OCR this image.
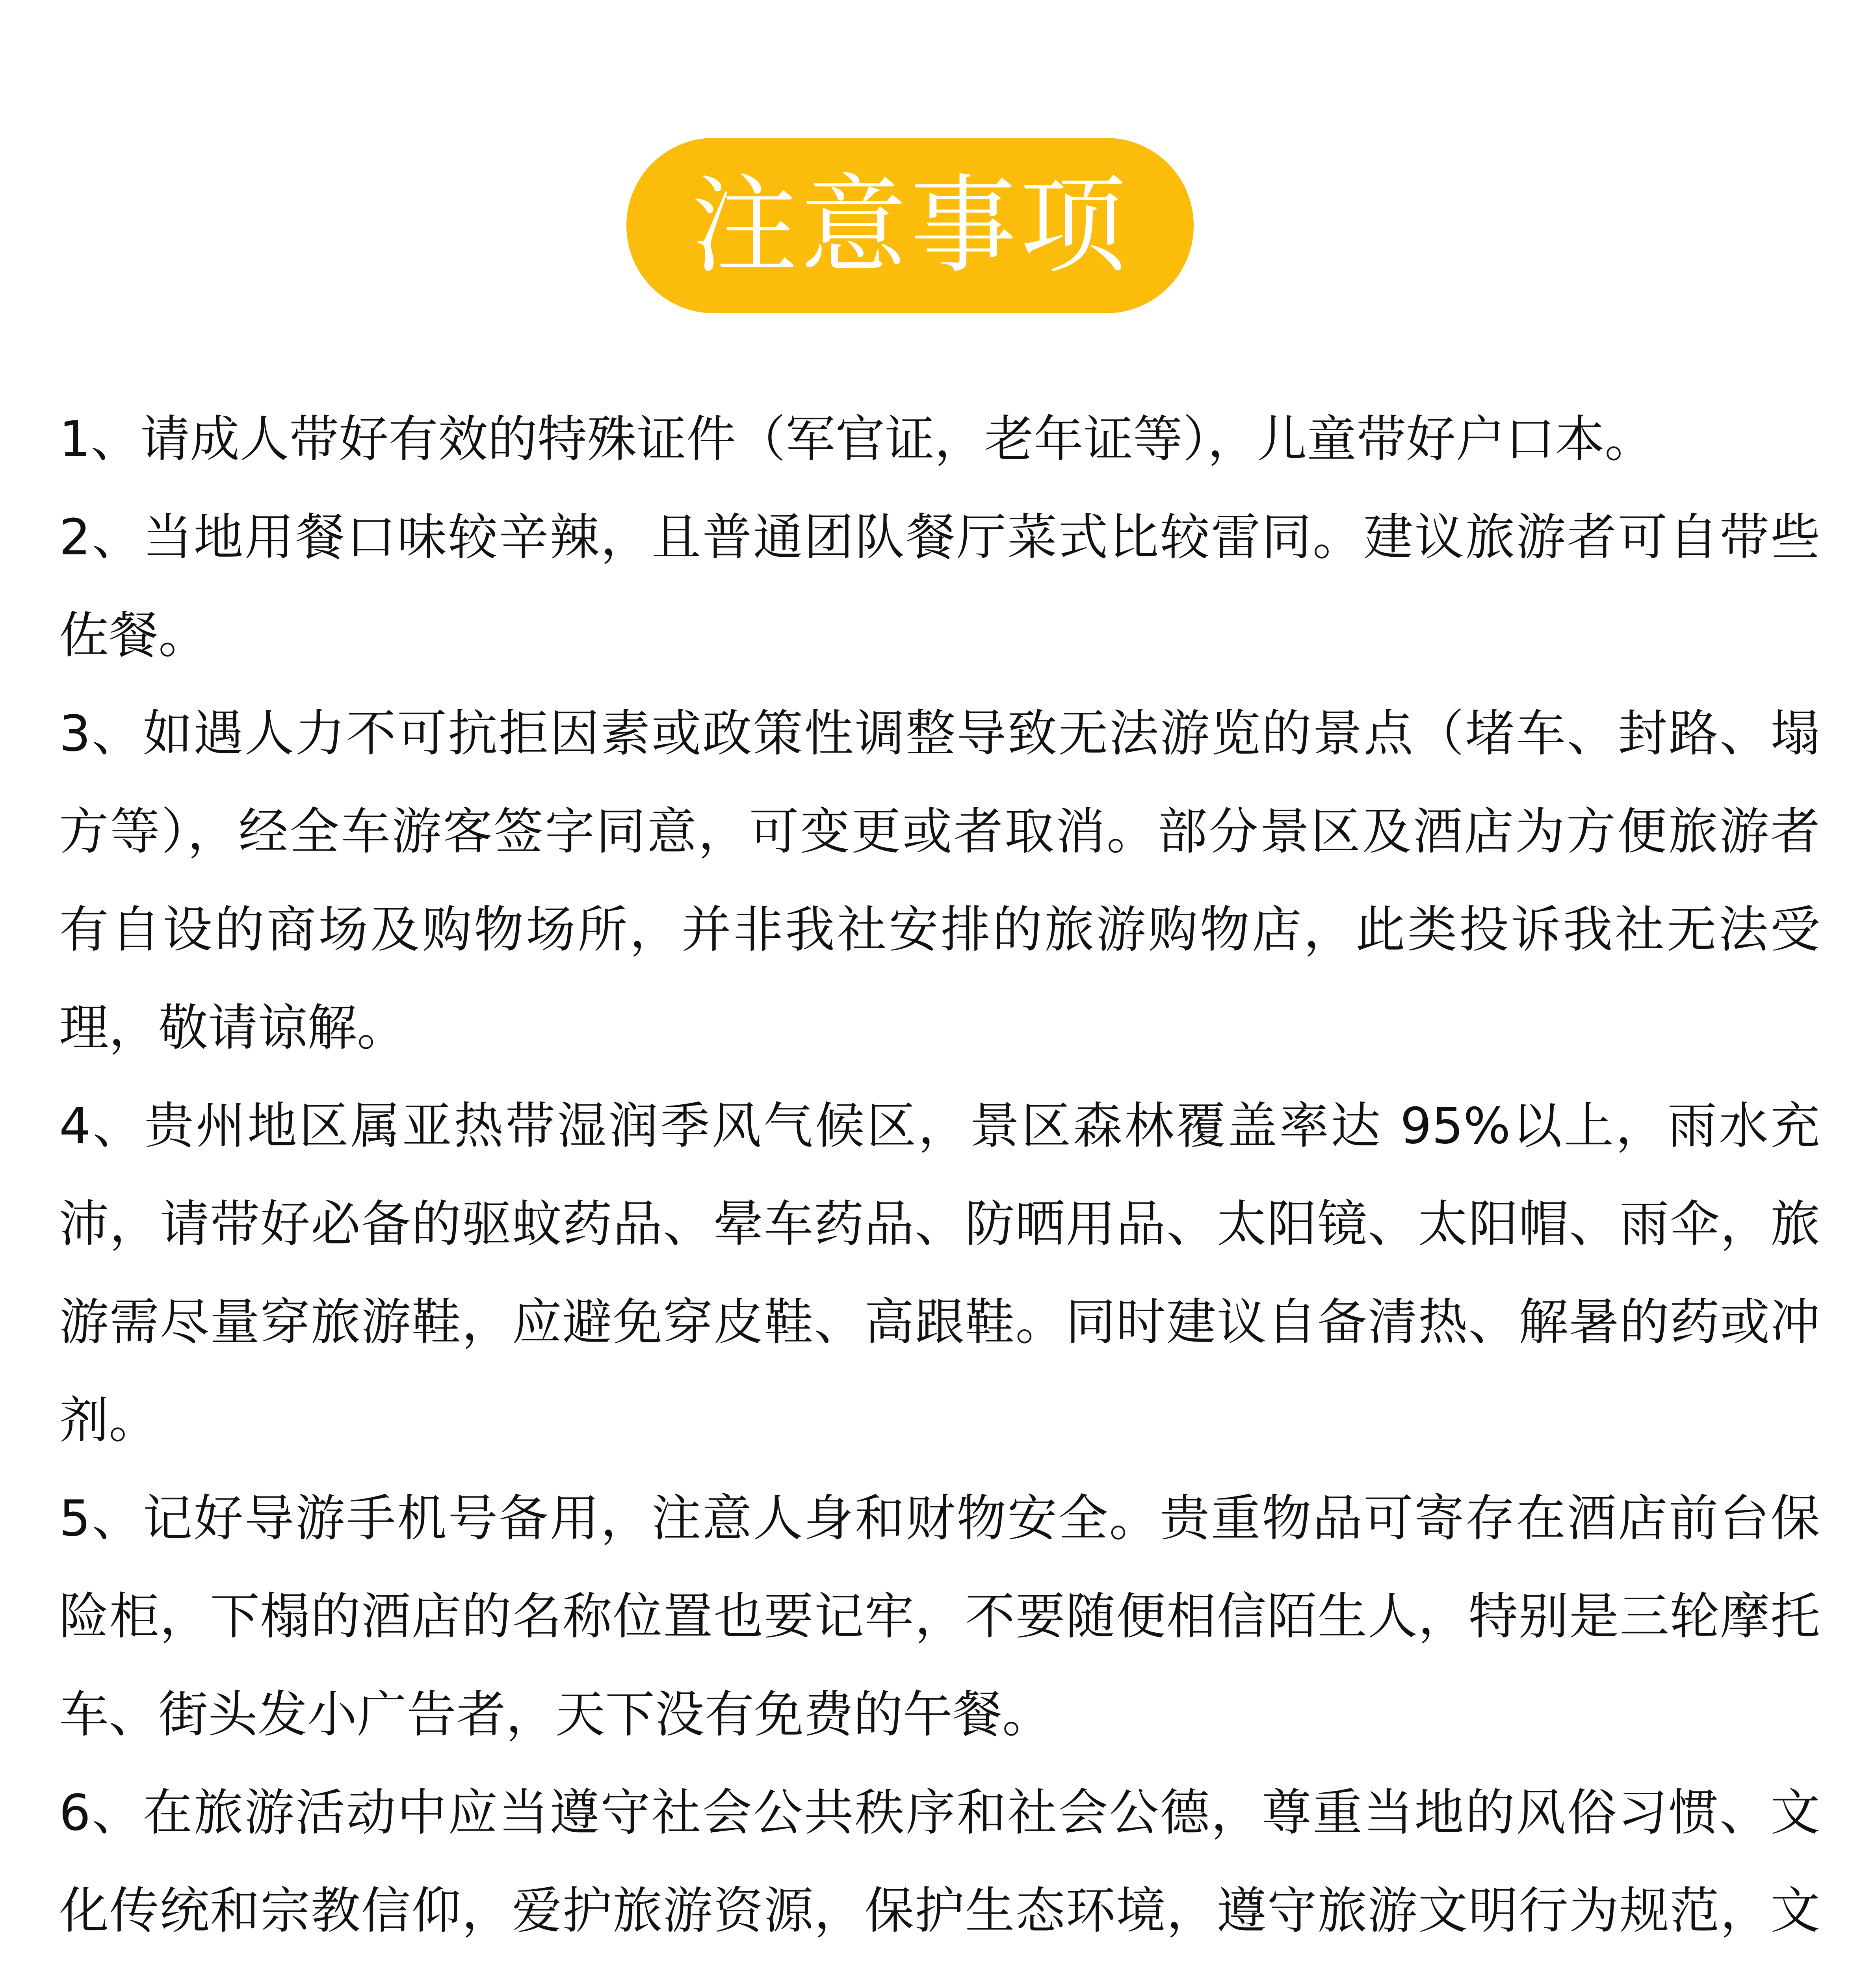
注意事项
1、请成人带好有效的特殊证件（军官证，老年证等），儿童带好户口本。
2、当地用餐口味较辛辣，且普通团队餐厅菜式比较雷同。建议旅游者可自带些佐餐。
3、如遇人力不可抗拒因素或政策性调整导致无法游览的景点（堵车、封路、塌方等），经全车游客签字同意，可变更或者取消。部分景区及酒店为方便旅游者有自设的商场及购物场所，并非我社安排的旅游购物店，此类投诉我社无法受理，敬请谅解。
4、贵州地区属亚热带湿润季风气候区，景区森林覆盖率达 95%以上，雨水充沛，请带好必备的驱蚊药品、晕车药品、防晒用品、太阳镜、太阳帽、雨伞，旅游需尽量穿旅游鞋，应避免穿皮鞋、高跟鞋。同时建议自备清热、解暑的药或冲剂。
5、记好导游手机号备用，注意人身和财物安全。贵重物品可寄存在酒店前台保险柜，下榻的酒店的名称位置也要记牢，不要随便相信陌生人，特别是三轮摩托车、街头发小广告者，天下没有免费的午餐。
6、在旅游活动中应当遵守社会公共秩序和社会公德，尊重当地的风俗习惯、文化传统和宗教信仰，爱护旅游资源，保护生态环境，遵守旅游文明行为规范，文
